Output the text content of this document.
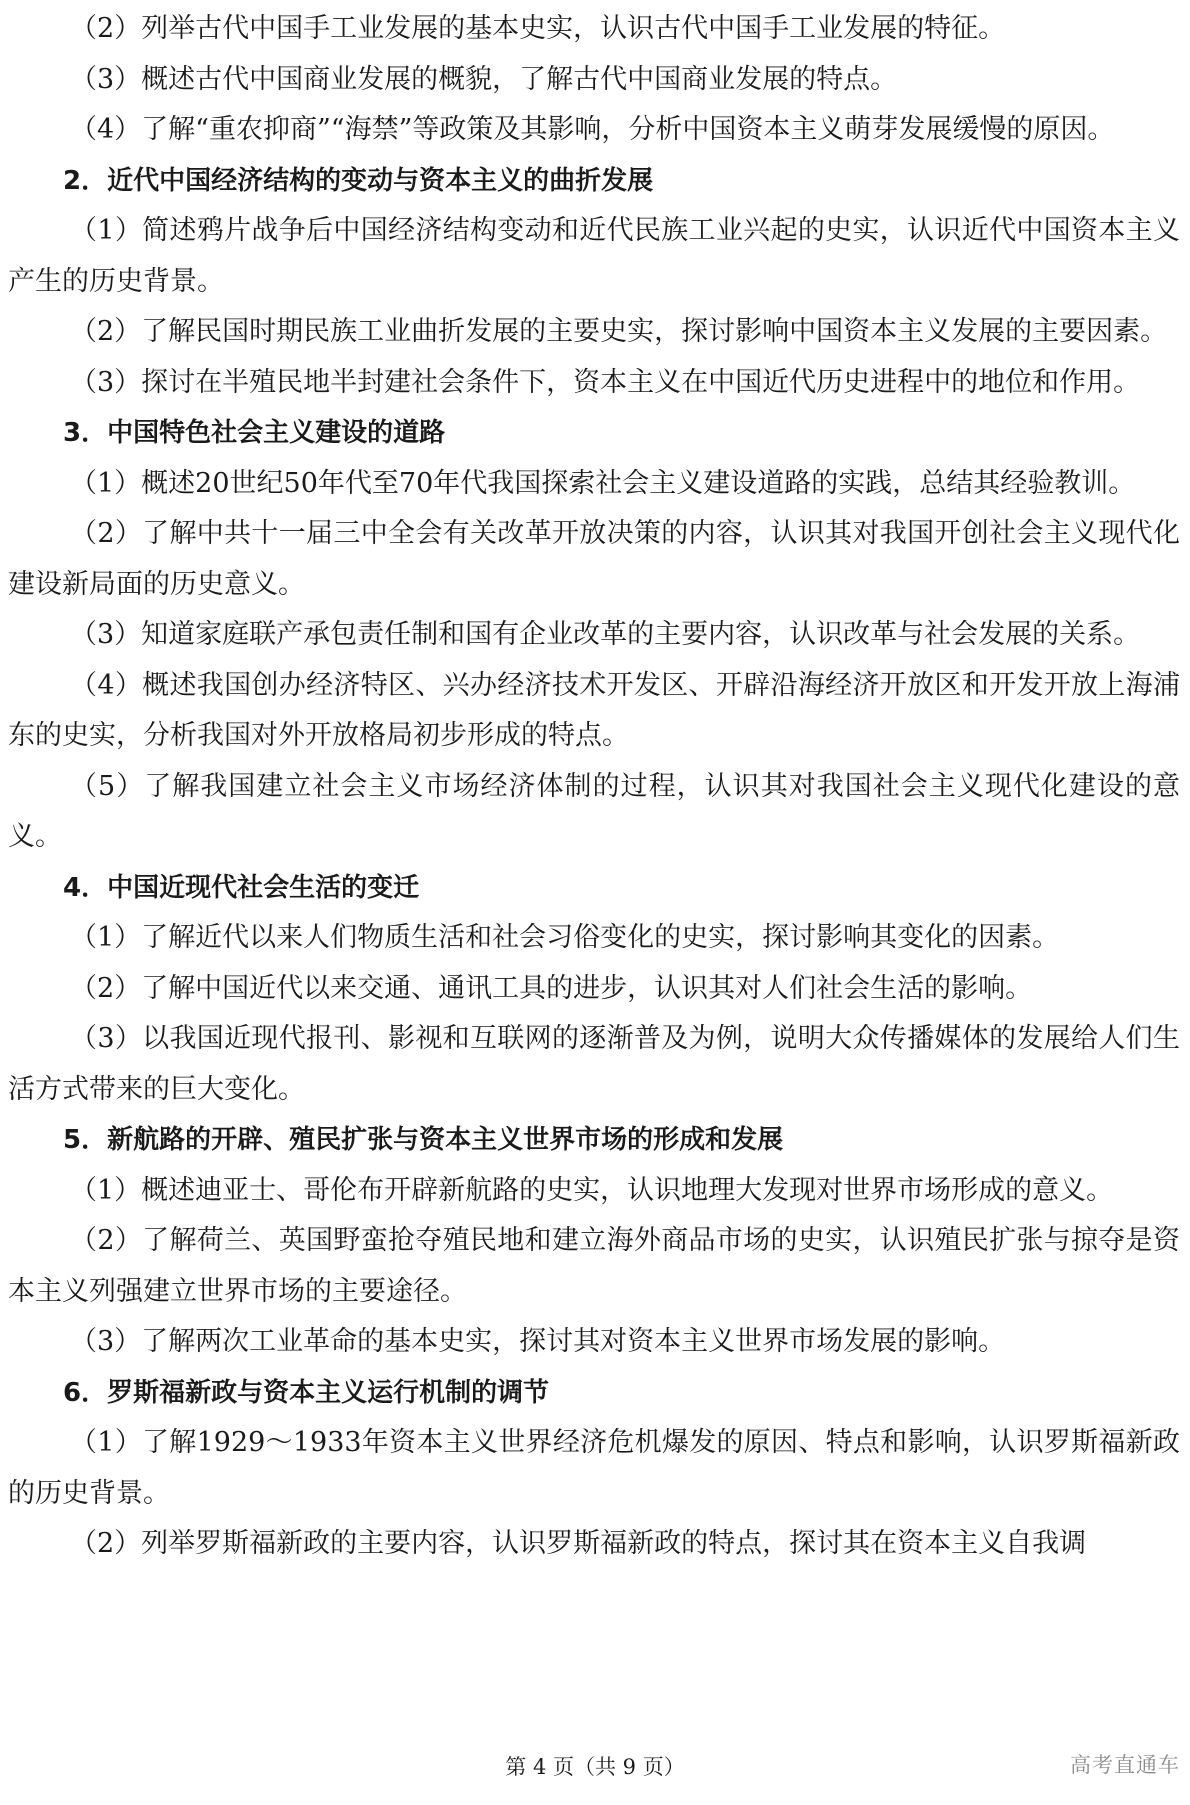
（2）列举古代中国手工业发展的基本史实，认识古代中国手工业发展的特征。

（3）概述古代中国商业发展的概貌，了解古代中国商业发展的特点。

（4）了解“重农抑商”“海禁”等政策及其影响，分析中国资本主义萌芽发展缓慢的原因。

2．近代中国经济结构的变动与资本主义的曲折发展

（1）简述鸦片战争后中国经济结构变动和近代民族工业兴起的史实，认识近代中国资本主义产生的历史背景。

（2）了解民国时期民族工业曲折发展的主要史实，探讨影响中国资本主义发展的主要因素。

（3）探讨在半殖民地半封建社会条件下，资本主义在中国近代历史进程中的地位和作用。

3．中国特色社会主义建设的道路

（1）概述20世纪50年代至70年代我国探索社会主义建设道路的实践，总结其经验教训。

（2）了解中共十一届三中全会有关改革开放决策的内容，认识其对我国开创社会主义现代化建设新局面的历史意义。

（3）知道家庭联产承包责任制和国有企业改革的主要内容，认识改革与社会发展的关系。

（4）概述我国创办经济特区、兴办经济技术开发区、开辟沿海经济开放区和开发开放上海浦东的史实，分析我国对外开放格局初步形成的特点。

（5）了解我国建立社会主义市场经济体制的过程，认识其对我国社会主义现代化建设的意义。

4．中国近现代社会生活的变迁

（1）了解近代以来人们物质生活和社会习俗变化的史实，探讨影响其变化的因素。

（2）了解中国近代以来交通、通讯工具的进步，认识其对人们社会生活的影响。

（3）以我国近现代报刊、影视和互联网的逐渐普及为例，说明大众传播媒体的发展给人们生活方式带来的巨大变化。

5．新航路的开辟、殖民扩张与资本主义世界市场的形成和发展

（1）概述迪亚士、哥伦布开辟新航路的史实，认识地理大发现对世界市场形成的意义。

（2）了解荷兰、英国野蛮抢夺殖民地和建立海外商品市场的史实，认识殖民扩张与掠夺是资本主义列强建立世界市场的主要途径。

（3）了解两次工业革命的基本史实，探讨其对资本主义世界市场发展的影响。

6．罗斯福新政与资本主义运行机制的调节

（1）了解1929～1933年资本主义世界经济危机爆发的原因、特点和影响，认识罗斯福新政的历史背景。

（2）列举罗斯福新政的主要内容，认识罗斯福新政的特点，探讨其在资本主义自我调

第 4 页（共 9 页）	高考直通车
